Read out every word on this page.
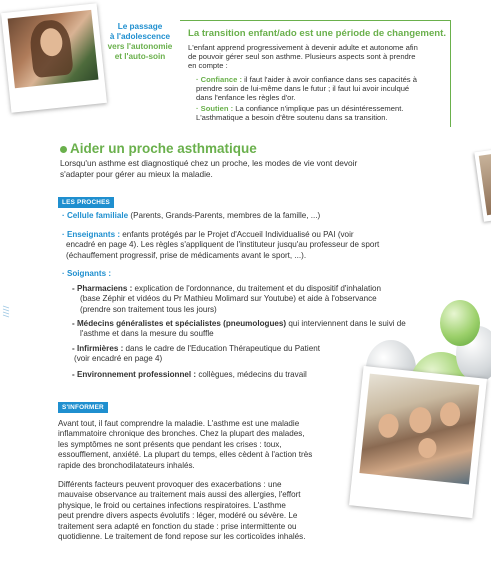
Le passage
à l'adolescence
vers l'autonomie
et l'auto-soin
La transition enfant/ado est une période de changement.
L'enfant apprend progressivement à devenir adulte et autonome afin
de pouvoir gérer seul son asthme. Plusieurs aspects sont à prendre
en compte :
· Confiance : il faut l'aider à avoir confiance dans ses capacités à
prendre soin de lui-même dans le futur ; il faut lui avoir inculqué
dans l'enfance les règles d'or.
· Soutien : La confiance n'implique pas un désintéressement.
L'asthmatique a besoin d'être soutenu dans sa transition.
Aider un proche asthmatique
Lorsqu'un asthme est diagnostiqué chez un proche, les modes de vie vont devoir
s'adapter pour gérer au mieux la maladie.
LES PROCHES
· Cellule familiale (Parents, Grands-Parents, membres de la famille, ...)
· Enseignants : enfants protégés par le Projet d'Accueil Individualisé ou PAI (voir
encadré en page 4). Les règles s'appliquent de l'instituteur jusqu'au professeur de sport
(échauffement progressif, prise de médicaments avant le sport, ...).
· Soignants :
- Pharmaciens : explication de l'ordonnance, du traitement et du dispositif d'inhalation
(base Zéphir et vidéos du Pr Mathieu Molimard sur Youtube) et aide à l'observance
(prendre son traitement tous les jours)
- Médecins généralistes et spécialistes (pneumologues) qui interviennent dans le suivi de
l'asthme et dans la mesure du souffle
- Infirmières : dans le cadre de l'Education Thérapeutique du Patient
(voir encadré en page 4)
- Environnement professionnel : collègues, médecins du travail
S'INFORMER
Avant tout, il faut comprendre la maladie. L'asthme est une maladie
inflammatoire chronique des bronches. Chez la plupart des malades,
les symptômes ne sont présents que pendant les crises : toux,
essoufflement, anxiété. La plupart du temps, elles cèdent à l'action très
rapide des bronchodilatateurs inhalés.
Différents facteurs peuvent provoquer des exacerbations : une
mauvaise observance au traitement mais aussi des allergies, l'effort
physique, le froid ou certaines infections respiratoires. L'asthme
peut prendre divers aspects évolutifs : léger, modéré ou sévère. Le
traitement sera adapté en fonction du stade : prise intermittente ou
quotidienne. Le traitement de fond repose sur les corticoïdes inhalés.
